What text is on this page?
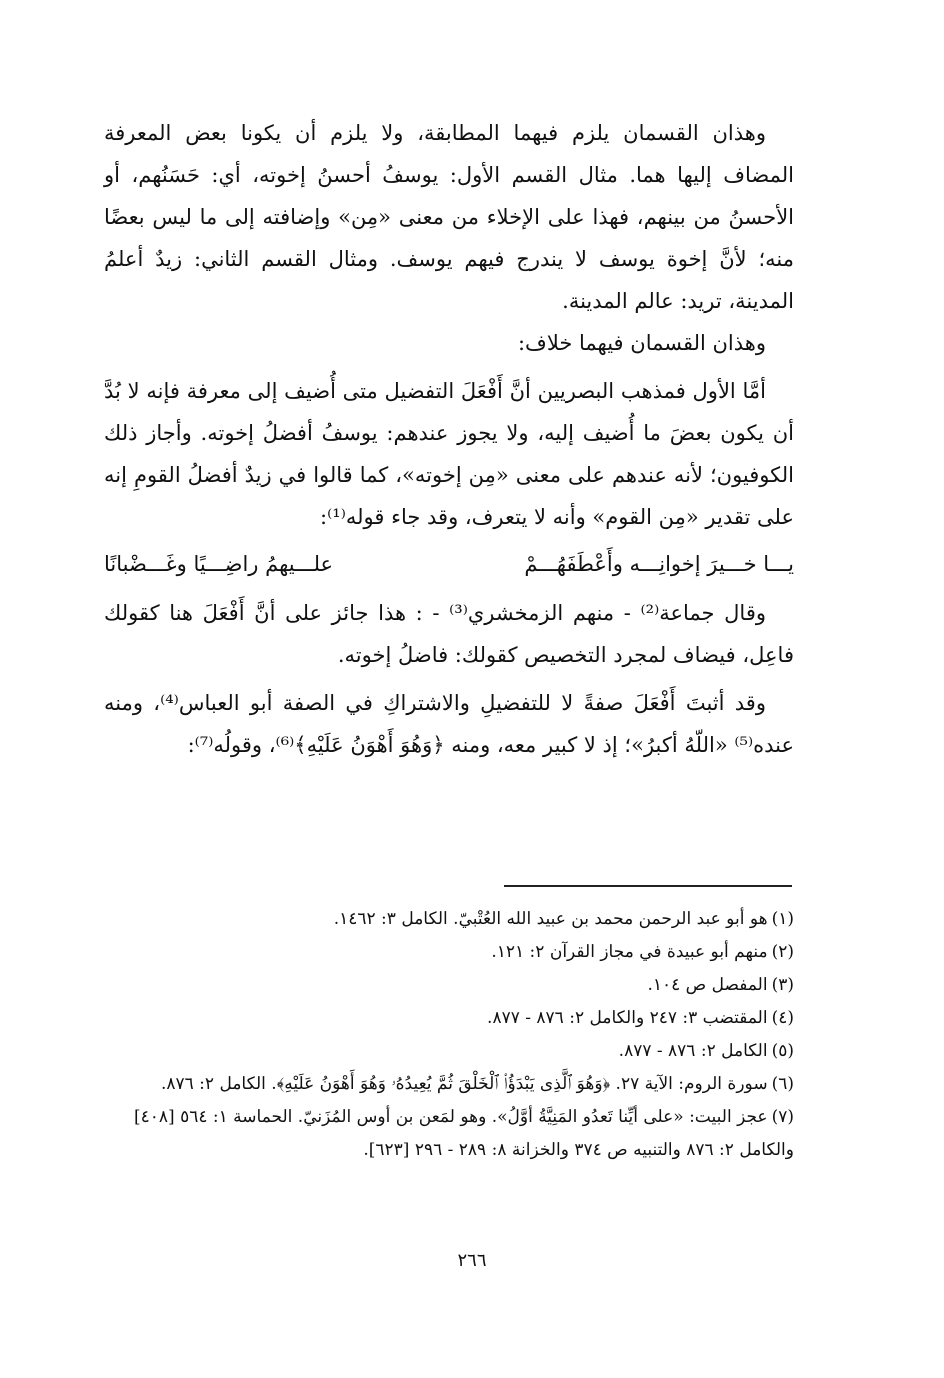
وهذان القسمان يلزم فيهما المطابقة، ولا يلزم أن يكونا بعض المعرفة المضاف إليها هما. مثال القسم الأول: يوسفُ أحسنُ إخوته، أي: حَسَنُهم، أو الأحسنُ من بينهم، فهذا على الإخلاء من معنى «مِن» وإضافته إلى ما ليس بعضًا منه؛ لأنَّ إخوة يوسف لا يندرج فيهم يوسف. ومثال القسم الثاني: زيدٌ أعلمُ المدينة، تريد: عالم المدينة.

وهذان القسمان فيهما خلاف:

أمَّا الأول فمذهب البصريين أنَّ أَفْعَلَ التفضيل متى أُضيف إلى معرفة فإنه لا بُدَّ أن يكون بعضَ ما أُضيف إليه، ولا يجوز عندهم: يوسفُ أفضلُ إخوته. وأجاز ذلك الكوفيون؛ لأنه عندهم على معنى «مِن إخوته»، كما قالوا في زيدٌ أفضلُ القومِ إنه على تقدير «مِن القوم» وأنه لا يتعرف، وقد جاء قوله⁽¹⁾:

يـــا خـــيرَ إخوانِـــه وأَعْطَفَهُـــمْ
علـــيهمُ راضِـــيًا وغَـــضْبانًا

وقال جماعة⁽²⁾ - منهم الزمخشري⁽³⁾ - : هذا جائز على أنَّ أَفْعَلَ هنا كقولك فاعِل، فيضاف لمجرد التخصيص كقولك: فاضلُ إخوته.

وقد أثبتَ أَفْعَلَ صفةً لا للتفضيلِ والاشتراكِ في الصفة أبو العباس⁽⁴⁾، ومنه عنده⁽⁵⁾ «اللّهُ أكبرُ»؛ إذ لا كبير معه، ومنه ﴿وَهُوَ أَهْوَنُ عَلَيْهِ﴾⁽⁶⁾، وقولُه⁽⁷⁾:

(١)هو أبو عبد الرحمن محمد بن عبيد الله العُتْبيّ. الكامل ٣: ١٤٦٢.

(٢)منهم أبو عبيدة في مجاز القرآن ٢: ١٢١.

(٣)المفصل ص ١٠٤.

(٤)المقتضب ٣: ٢٤٧ والكامل ٢: ٨٧٦ - ٨٧٧.

(٥)الكامل ٢: ٨٧٦ - ٨٧٧.

(٦)سورة الروم: الآية ٢٧. ﴿وَهُوَ ٱلَّذِى يَبْدَؤُا۟ ٱلْخَلْقَ ثُمَّ يُعِيدُهُۥ وَهُوَ أَهْوَنُ عَلَيْهِ﴾. الكامل ٢: ٨٧٦.

(٧)عجز البيت: «على أيِّنا تَعدُو المَنِيَّةُ أوَّلُ». وهو لمَعن بن أوس المُزَنيّ. الحماسة ١: ٥٦٤ [٤٠٨] والكامل ٢: ٨٧٦ والتنبيه ص ٣٧٤ والخزانة ٨: ٢٨٩ - ٢٩٦ [٦٢٣].

٢٦٦
